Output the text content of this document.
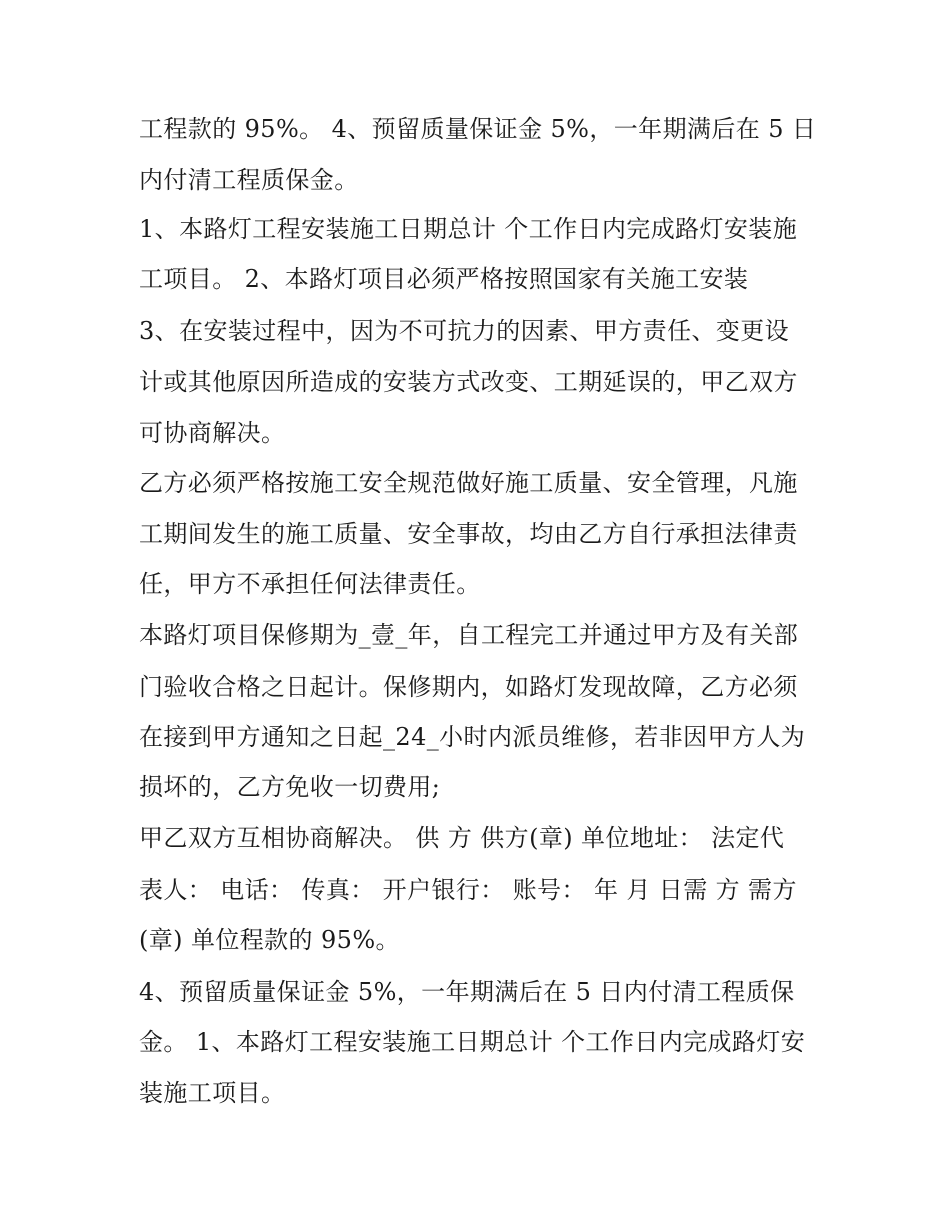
工程款的 95%。 4、预留质量保证金 5%，一年期满后在 5 日

内付清工程质保金。

1、本路灯工程安装施工日期总计 个工作日内完成路灯安装施

工项目。 2、本路灯项目必须严格按照国家有关施工安装

3、在安装过程中，因为不可抗力的因素、甲方责任、变更设

计或其他原因所造成的安装方式改变、工期延误的，甲乙双方

可协商解决。

乙方必须严格按施工安全规范做好施工质量、安全管理，凡施

工期间发生的施工质量、安全事故，均由乙方自行承担法律责

任，甲方不承担任何法律责任。

本路灯项目保修期为_壹_年，自工程完工并通过甲方及有关部

门验收合格之日起计。保修期内，如路灯发现故障，乙方必须

在接到甲方通知之日起_24_小时内派员维修，若非因甲方人为

损坏的，乙方免收一切费用;

甲乙双方互相协商解决。 供 方 供方(章) 单位地址： 法定代

表人： 电话： 传真： 开户银行： 账号： 年 月 日需 方 需方

(章) 单位程款的 95%。

4、预留质量保证金 5%，一年期满后在 5 日内付清工程质保

金。 1、本路灯工程安装施工日期总计 个工作日内完成路灯安

装施工项目。
